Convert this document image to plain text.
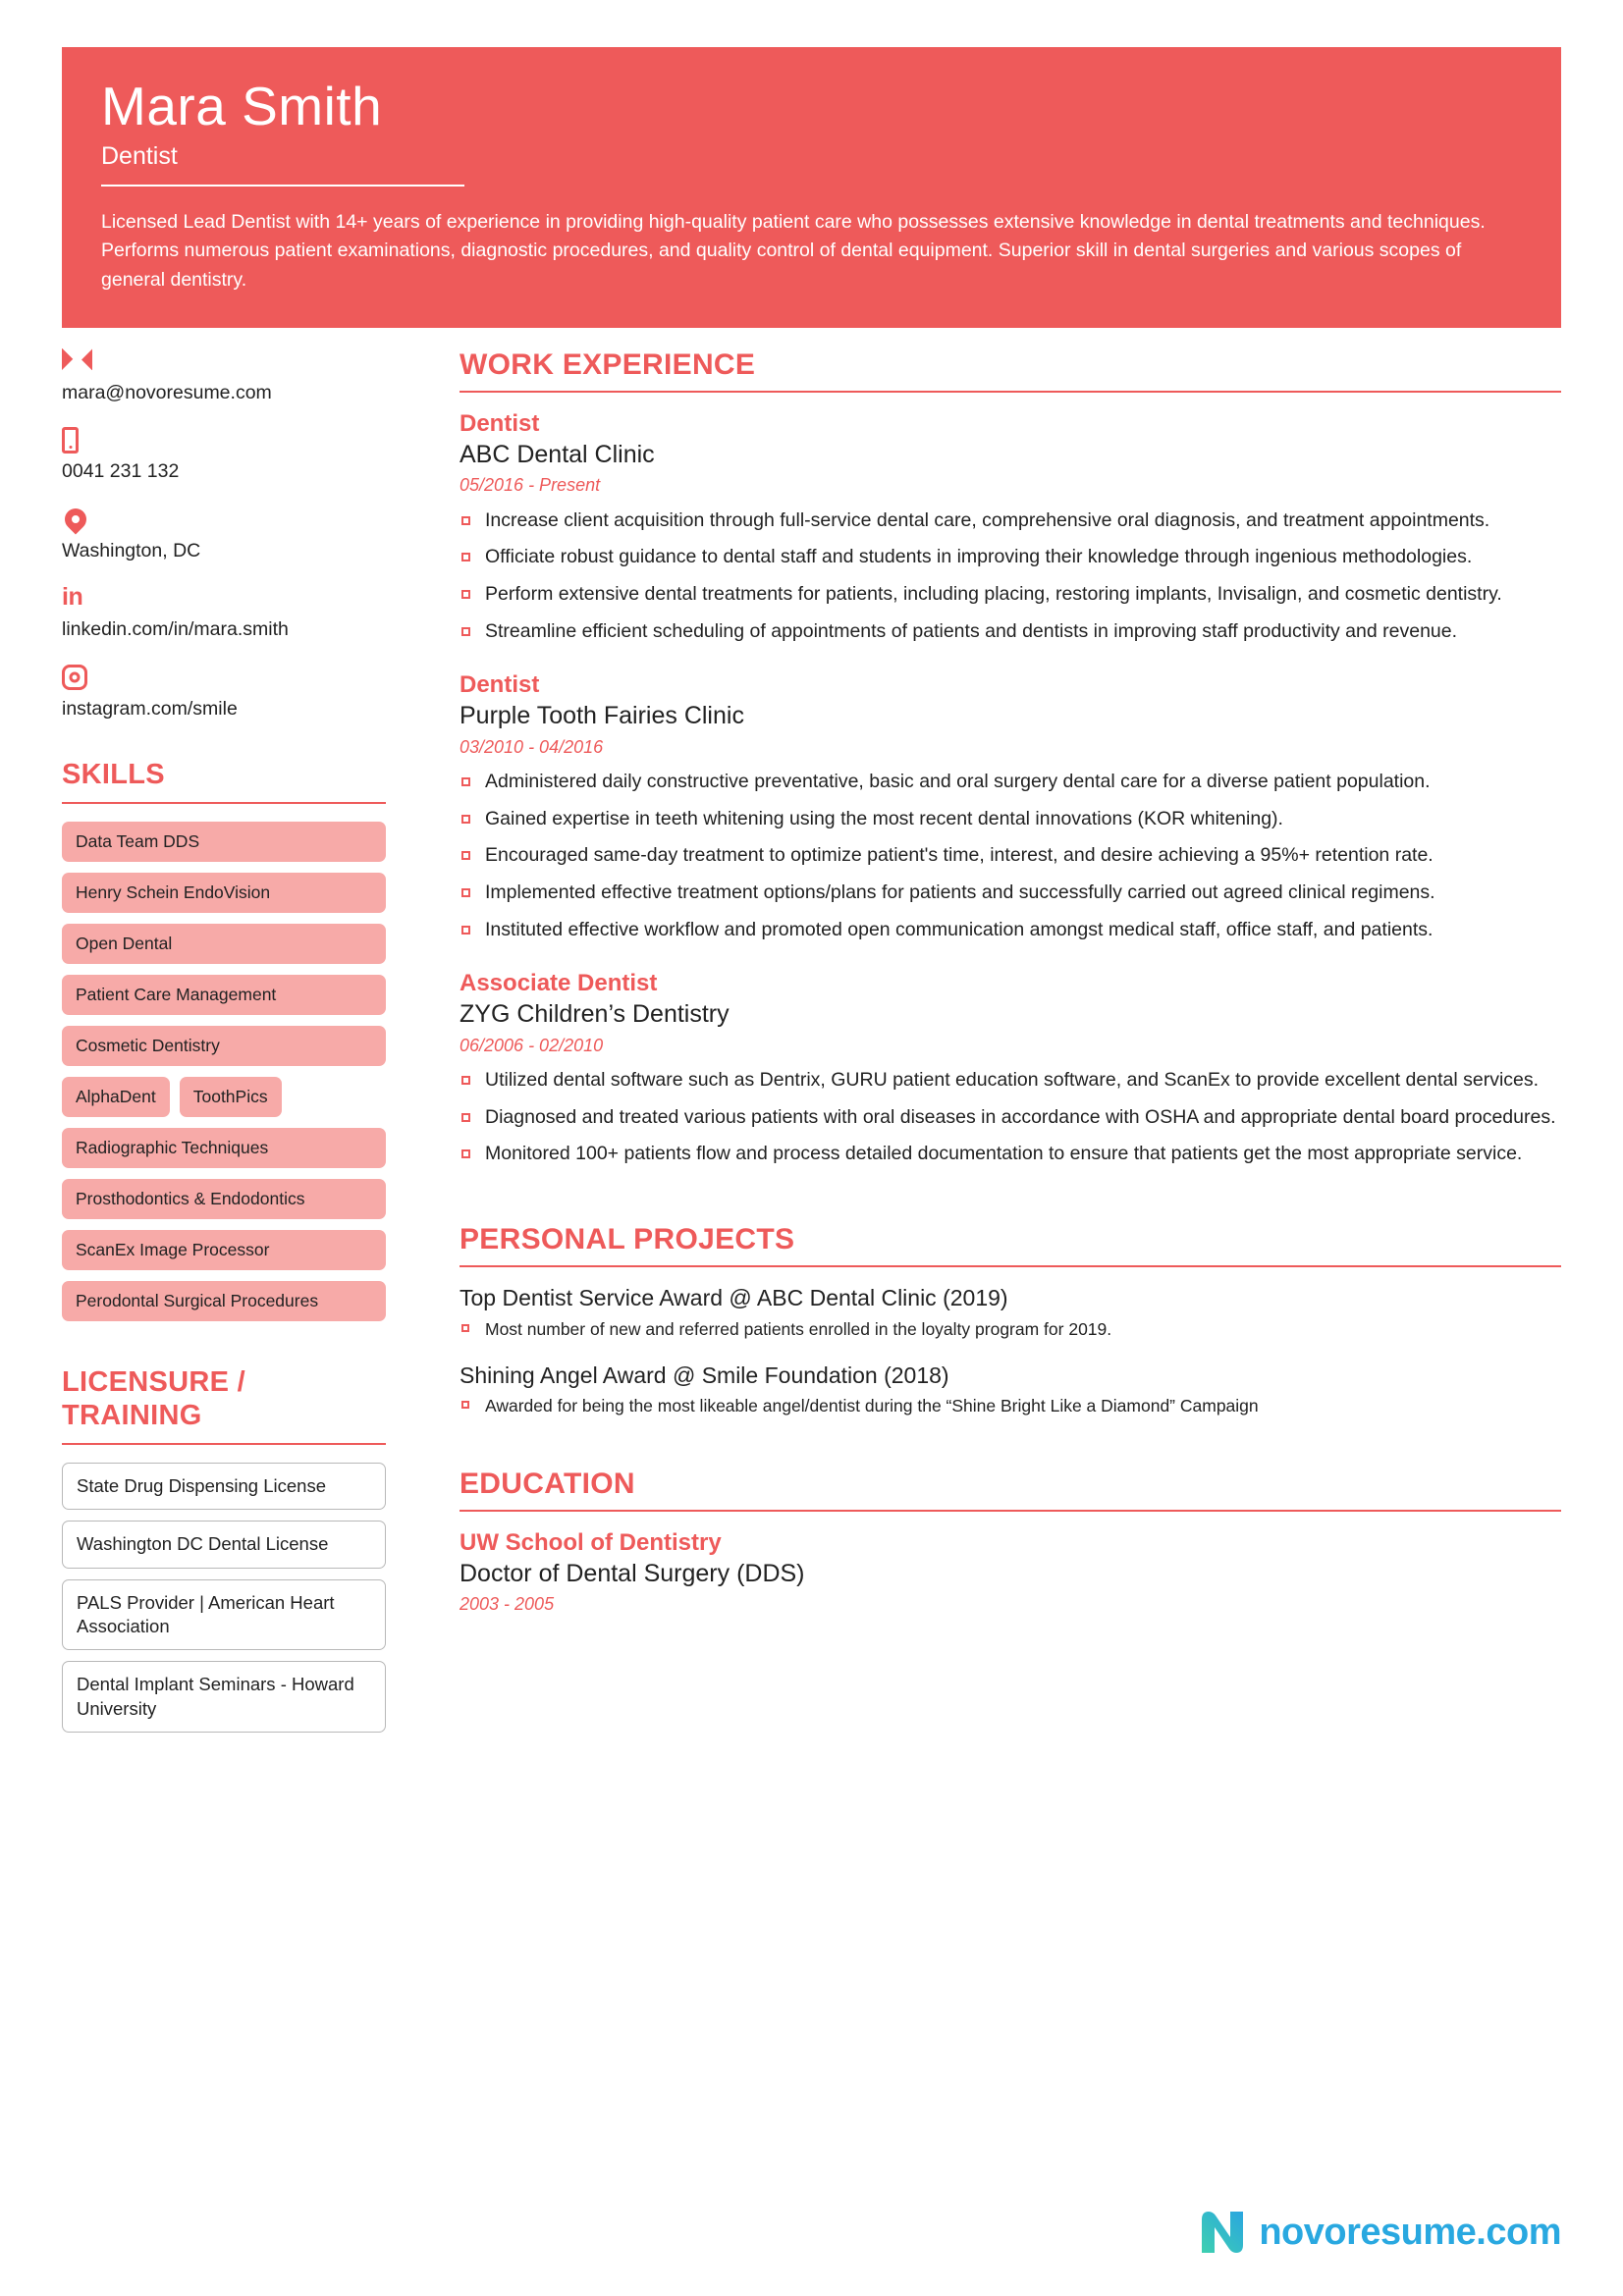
Mara Smith
Dentist
Licensed Lead Dentist with 14+ years of experience in providing high-quality patient care who possesses extensive knowledge in dental treatments and techniques. Performs numerous patient examinations, diagnostic procedures, and quality control of dental equipment. Superior skill in dental surgeries and various scopes of general dentistry.
mara@novoresume.com
0041 231 132
Washington, DC
in
linkedin.com/in/mara.smith
instagram.com/smile
SKILLS
Data Team DDS
Henry Schein EndoVision
Open Dental
Patient Care Management
Cosmetic Dentistry
AlphaDent	ToothPics
Radiographic Techniques
Prosthodontics & Endodontics
ScanEx Image Processor
Perodontal Surgical Procedures
LICENSURE / TRAINING
State Drug Dispensing License
Washington DC Dental License
PALS Provider | American Heart Association
Dental Implant Seminars - Howard University
WORK EXPERIENCE
Dentist
ABC Dental Clinic
05/2016 - Present
Increase client acquisition through full-service dental care, comprehensive oral diagnosis, and treatment appointments.
Officiate robust guidance to dental staff and students in improving their knowledge through ingenious methodologies.
Perform extensive dental treatments for patients, including placing, restoring implants, Invisalign, and cosmetic dentistry.
Streamline efficient scheduling of appointments of patients and dentists in improving staff productivity and revenue.
Dentist
Purple Tooth Fairies Clinic
03/2010 - 04/2016
Administered daily constructive preventative, basic and oral surgery dental care for a diverse patient population.
Gained expertise in teeth whitening using the most recent dental innovations (KOR whitening).
Encouraged same-day treatment to optimize patient's time, interest, and desire achieving a 95%+ retention rate.
Implemented effective treatment options/plans for patients and successfully carried out agreed clinical regimens.
Instituted effective workflow and promoted open communication amongst medical staff, office staff, and patients.
Associate Dentist
ZYG Children’s Dentistry
06/2006 - 02/2010
Utilized dental software such as Dentrix, GURU patient education software, and ScanEx to provide excellent dental services.
Diagnosed and treated various patients with oral diseases in accordance with OSHA and appropriate dental board procedures.
Monitored 100+ patients flow and process detailed documentation to ensure that patients get the most appropriate service.
PERSONAL PROJECTS
Top Dentist Service Award @ ABC Dental Clinic (2019)
Most number of new and referred patients enrolled in the loyalty program for 2019.
Shining Angel Award @ Smile Foundation (2018)
Awarded for being the most likeable angel/dentist during the “Shine Bright Like a Diamond” Campaign
EDUCATION
UW School of Dentistry
Doctor of Dental Surgery (DDS)
2003 - 2005
novoresume.com
